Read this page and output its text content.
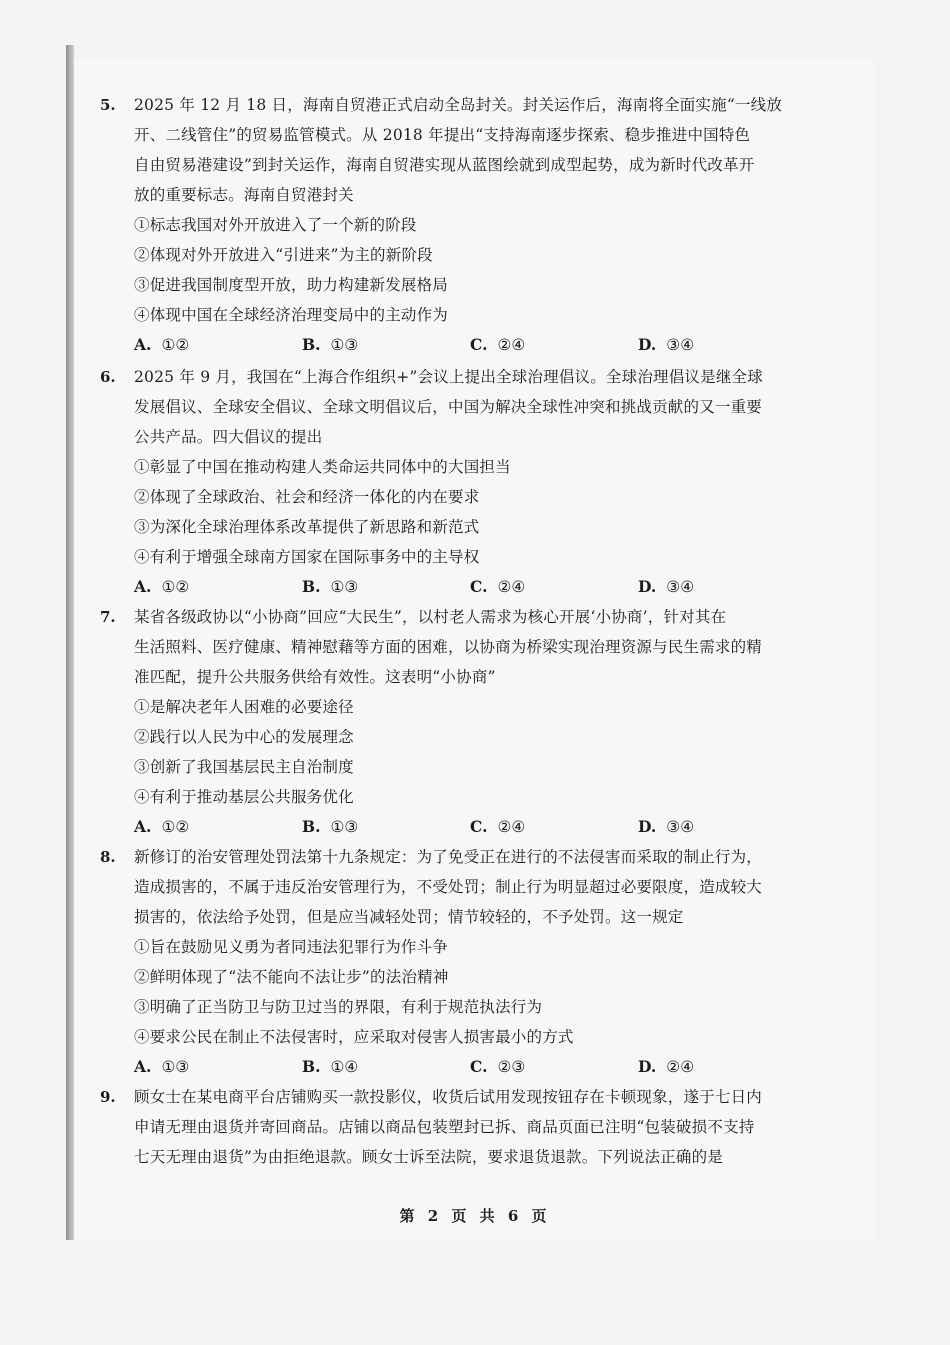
5. 2025 年 12 月 18 日，海南自贸港正式启动全岛封关。封关运作后，海南将全面实施“一线放
开、二线管住”的贸易监管模式。从 2018 年提出“支持海南逐步探索、稳步推进中国特色
自由贸易港建设”到封关运作，海南自贸港实现从蓝图绘就到成型起势，成为新时代改革开
放的重要标志。海南自贸港封关
①标志我国对外开放进入了一个新的阶段
②体现对外开放进入“引进来”为主的新阶段
③促进我国制度型开放，助力构建新发展格局
④体现中国在全球经济治理变局中的主动作为
A. ①②	B. ①③	C. ②④	D. ③④
6. 2025 年 9 月，我国在“上海合作组织+”会议上提出全球治理倡议。全球治理倡议是继全球
发展倡议、全球安全倡议、全球文明倡议后，中国为解决全球性冲突和挑战贡献的又一重要
公共产品。四大倡议的提出
①彰显了中国在推动构建人类命运共同体中的大国担当
②体现了全球政治、社会和经济一体化的内在要求
③为深化全球治理体系改革提供了新思路和新范式
④有利于增强全球南方国家在国际事务中的主导权
A. ①②	B. ①③	C. ②④	D. ③④
7. 某省各级政协以“小协商”回应“大民生”，以村老人需求为核心开展‘小协商’，针对其在
生活照料、医疗健康、精神慰藉等方面的困难，以协商为桥梁实现治理资源与民生需求的精
准匹配，提升公共服务供给有效性。这表明“小协商”
①是解决老年人困难的必要途径
②践行以人民为中心的发展理念
③创新了我国基层民主自治制度
④有利于推动基层公共服务优化
A. ①②	B. ①③	C. ②④	D. ③④
8. 新修订的治安管理处罚法第十九条规定：为了免受正在进行的不法侵害而采取的制止行为，
造成损害的，不属于违反治安管理行为，不受处罚；制止行为明显超过必要限度，造成较大
损害的，依法给予处罚，但是应当减轻处罚；情节较轻的，不予处罚。这一规定
①旨在鼓励见义勇为者同违法犯罪行为作斗争
②鲜明体现了“法不能向不法让步”的法治精神
③明确了正当防卫与防卫过当的界限，有利于规范执法行为
④要求公民在制止不法侵害时，应采取对侵害人损害最小的方式
A. ①③	B. ①④	C. ②③	D. ②④
9. 顾女士在某电商平台店铺购买一款投影仪，收货后试用发现按钮存在卡顿现象，遂于七日内
申请无理由退货并寄回商品。店铺以商品包装塑封已拆、商品页面已注明“包装破损不支持
七天无理由退货”为由拒绝退款。顾女士诉至法院，要求退货退款。下列说法正确的是
第 2 页 共 6 页
